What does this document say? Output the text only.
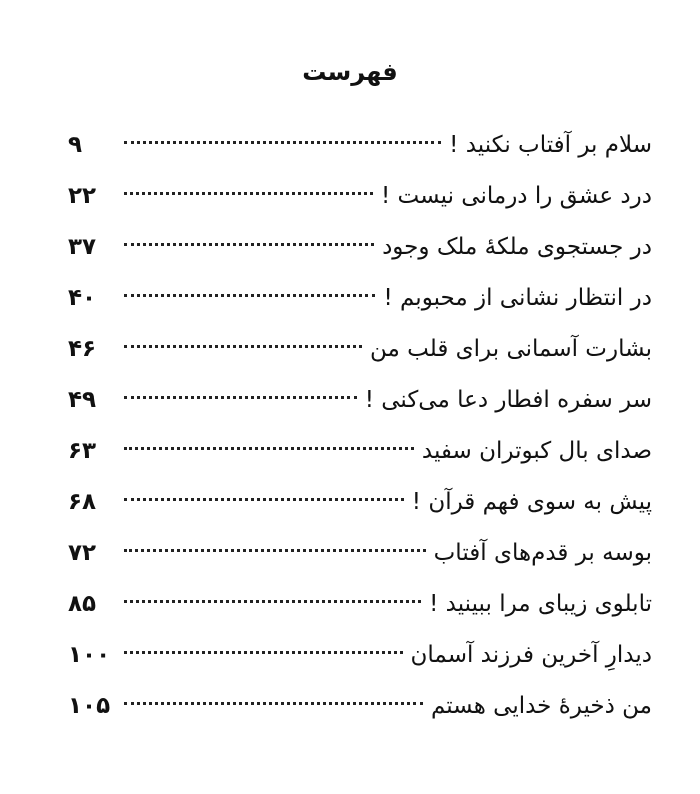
فهرست
سلام بر آفتاب نکنید !
۹
درد عشق را درمانی نیست !
۲۲
در جستجوی ملکهٔ ملک وجود
۳۷
در انتظار نشانی از محبوبم !
۴۰
بشارت آسمانی برای قلب من
۴۶
سر سفره افطار دعا می‌کنی !
۴۹
صدای بال کبوتران سفید
۶۳
پیش به سوی فهم قرآن !
۶۸
بوسه بر قدم‌های آفتاب
۷۲
تابلوی زیبای مرا ببینید !
۸۵
دیدارِ آخرین فرزند آسمان
۱۰۰
من ذخیرهٔ خدایی هستم
۱۰۵
